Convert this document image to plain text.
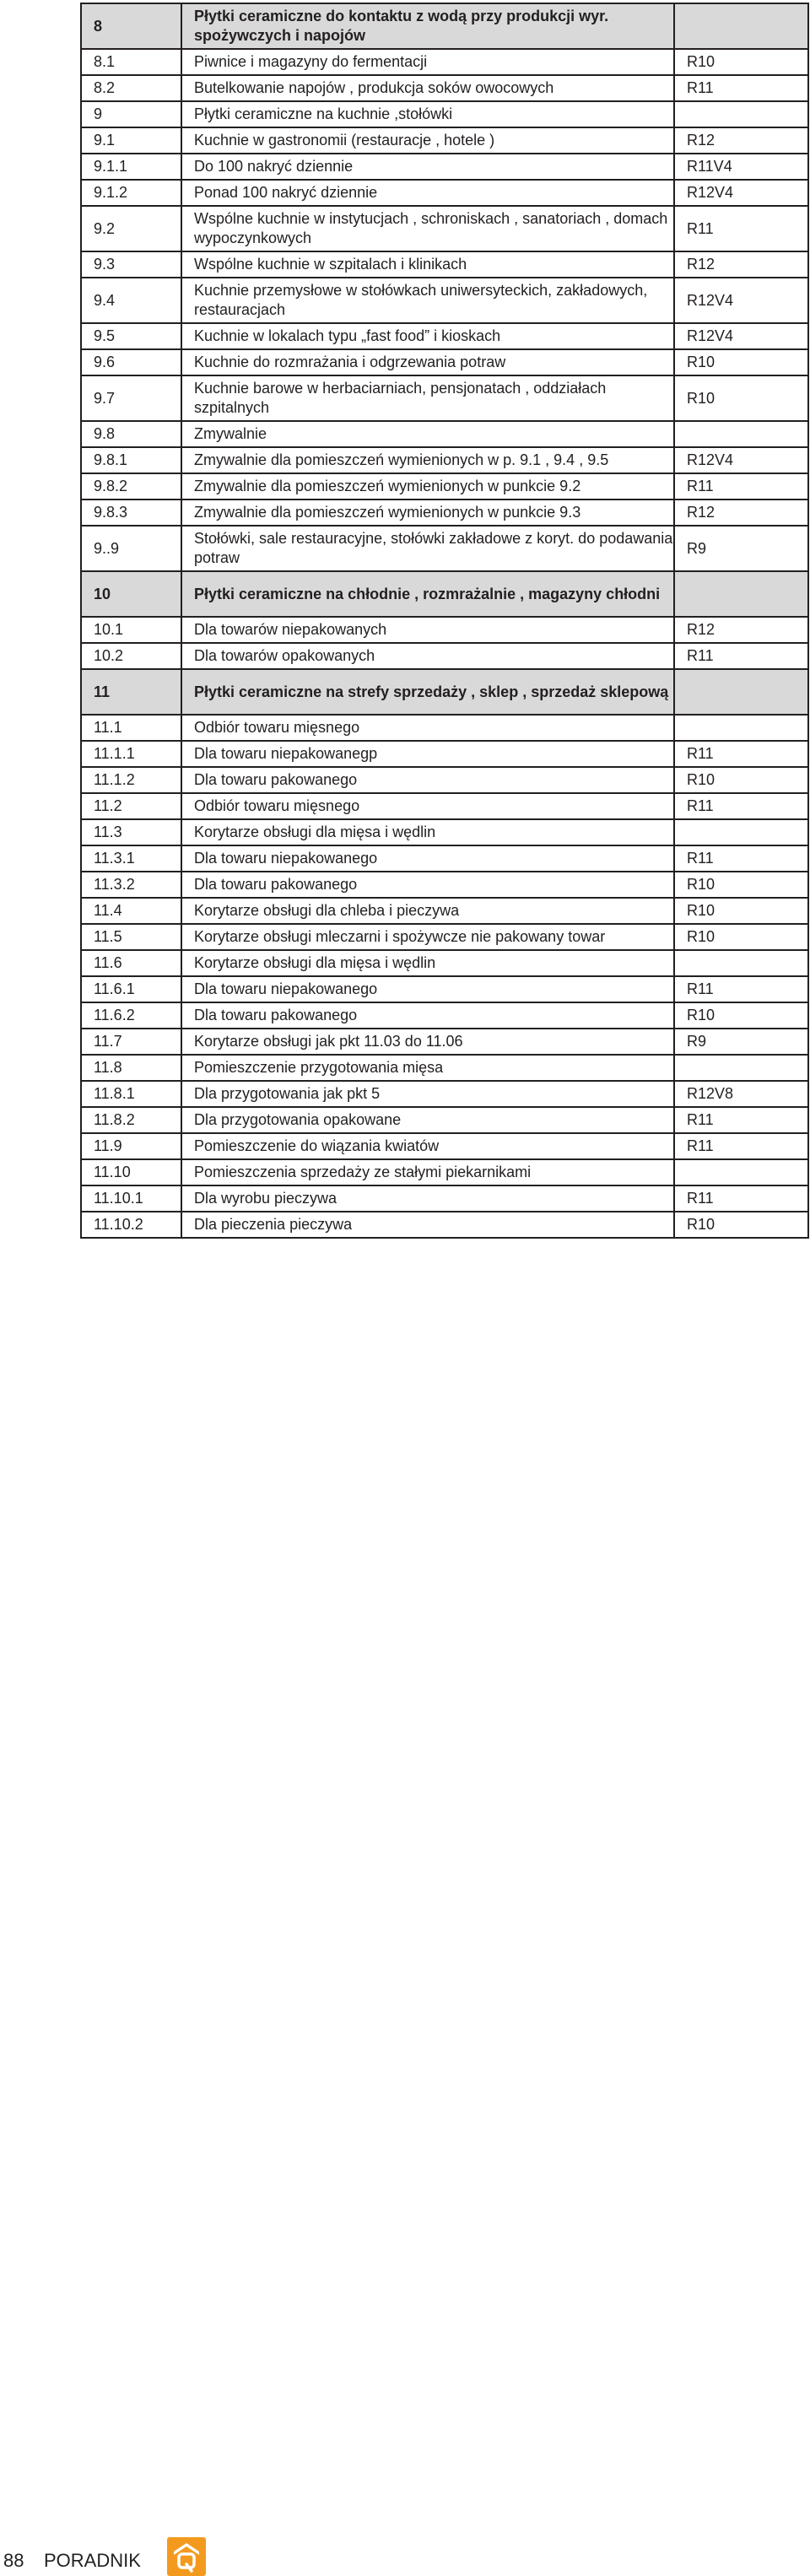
8	Płytki ceramiczne do kontaktu z wodą przy produkcji wyr. spożywczych i napojów	
8.1	Piwnice i magazyny do fermentacji	R10
8.2	Butelkowanie napojów , produkcja soków owocowych	R11
9	Płytki ceramiczne na kuchnie ,stołówki	
9.1	Kuchnie w gastronomii (restauracje , hotele )	R12
9.1.1	Do 100 nakryć dziennie	R11V4
9.1.2	Ponad 100 nakryć dziennie	R12V4
9.2	Wspólne kuchnie w instytucjach , schroniskach , sanatoriach , domach wypoczynkowych	R11
9.3	Wspólne kuchnie w szpitalach i klinikach	R12
9.4	Kuchnie przemysłowe w stołówkach uniwersyteckich, zakładowych, restauracjach	R12V4
9.5	Kuchnie w lokalach typu „fast food” i kioskach	R12V4
9.6	Kuchnie do rozmrażania i odgrzewania potraw	R10
9.7	Kuchnie barowe w herbaciarniach, pensjonatach , oddziałach szpitalnych	R10
9.8	Zmywalnie	
9.8.1	Zmywalnie dla pomieszczeń wymienionych w p. 9.1 , 9.4 , 9.5	R12V4
9.8.2	Zmywalnie dla pomieszczeń wymienionych w punkcie 9.2	R11
9.8.3	Zmywalnie dla pomieszczeń wymienionych w punkcie 9.3	R12
9..9	Stołówki, sale restauracyjne, stołówki zakładowe z koryt. do podawania potraw	R9
10	Płytki ceramiczne na chłodnie , rozmrażalnie , magazyny chłodni	
10.1	Dla towarów niepakowanych	R12
10.2	Dla towarów opakowanych	R11
11	Płytki ceramiczne na strefy sprzedaży , sklep , sprzedaż sklepową	
11.1	Odbiór towaru mięsnego	
11.1.1	Dla towaru niepakowanegp	R11
11.1.2	Dla towaru pakowanego	R10
11.2	Odbiór towaru mięsnego	R11
11.3	Korytarze obsługi dla mięsa i wędlin	
11.3.1	Dla towaru niepakowanego	R11
11.3.2	Dla towaru pakowanego	R10
11.4	Korytarze obsługi dla chleba i pieczywa	R10
11.5	Korytarze obsługi mleczarni i spożywcze nie pakowany towar	R10
11.6	Korytarze obsługi dla mięsa i wędlin	
11.6.1	Dla towaru niepakowanego	R11
11.6.2	Dla towaru pakowanego	R10
11.7	Korytarze obsługi jak pkt 11.03 do 11.06	R9
11.8	Pomieszczenie przygotowania mięsa	
11.8.1	Dla przygotowania jak pkt 5	R12V8
11.8.2	Dla przygotowania opakowane	R11
11.9	Pomieszczenie do wiązania kwiatów	R11
11.10	Pomieszczenia sprzedaży ze stałymi piekarnikami	
11.10.1	Dla wyrobu pieczywa	R11
11.10.2	Dla pieczenia pieczywa	R10
88 PORADNIK
